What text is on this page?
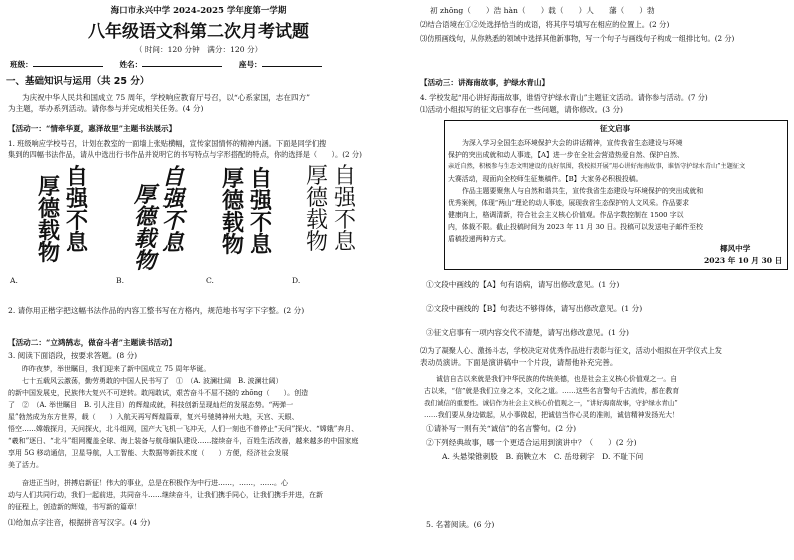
海口市永兴中学 2024-2025 学年度第一学期
八年级语文科第二次月考试题
（ 时间：120 分钟　满分：120 分）
班级：	姓名：	座号：
一、基础知识与运用（共 25 分）
为庆祝中华人民共和国成立 75 周年，学校响应教育厅号召，以“心系家国，志在四方”
为主题，举办系列活动。请你参与并完成相关任务。(4 分)
【活动一：“情牵华夏，惠泽故里”主题书法展示】
1. 班级响应学校号召，计划在教室的一面墙上张贴横幅，宣传家国情怀的精神内涵。下面是同学们搜
集到的四幅书法作品，请从中选出行书作品并说明它的书写特点与字形搭配的特点，你的选择是（　　）。(2 分)
自
强
不
息
厚
德
载
物
自
强
不
息
厚
德
载
物
自
强
不
息
厚
德
载
物
自
强
不
息
厚
德
载
物
A.	B.	C.	D.
2. 请你用正楷字把这幅书法作品的内容工整书写在方格内，规范地书写字下字整。(2 分)
【活动二：“立鸿鹄志，做奋斗者”主题读书活动】
3. 阅读下面语段，按要求答题。(8 分)
昨昨夜梦，举世瞩目，我们迎来了新中国成立 75 周年华诞。
七十五载风云激荡，勤劳勇敢的中国人民书写了　①　（A. 波澜壮阔　B. 波澜壮阔）
的新中国发展史，民族伟大复兴不可逆转。敢闯敢试，艰苦奋斗不屈不挠的 zhōng（　　）。创造
了　②　（A. 举世瞩目　B. 引人注目）的辉煌成就，科技创新呈现灿烂的发展态势。“两弹一
星”勃然成为东方世界，载（　　）入航天再写辉煌篇章，复兴号驰骋神州大地，天宫、天眼、
悟空……嫦娥探月，天问探火，北斗组网，国产大飞机一飞冲天，人们一刻也不曾停止“天问”探火、“嫦娥”奔月、
“羲和”逐日、“北斗”组网覆盖全球、海上装备与航母编队建设……接续奋斗，百姓生活改善，越来越多的中国家庭
享用 5G 移动通信，卫星导航，人工智能、大数据等新技术度（　　）方便，经济社会发展
美了活力。
奋进正当时，拼搏启新征！伟大的事业，总是在积极作为中行进……，……，……。心
动与人们共同行动，我们一起前进，共同奋斗……继续奋斗，让我们携手同心，让我们携手并进，在新
的征程上，创造新的辉煌，书写新的篇章！
⑴给加点字注音，根据拼音写汉字。(4 分)
初 zhōng（　　）浩 hàn（　　）载（　　）人　　藩（　　）勃
⑵结合语境在①②处选择恰当的成语，将其序号填写在相应的位置上。(2 分)
⑶仿照画线句，从你熟悉的领域中选择其他新事物，写一个句子与画线句子构成一组排比句。(2 分)
【活动三：讲海南故事，护绿水青山】
4. 学校发起“用心讲好海南故事，谁悟守护绿水青山”主题征文活动。请你参与活动。(7 分)
⑴活动小组拟写的征文启事存在一些问题，请你修改。(3 分)
征文启事
为深入学习全国生态环境保护大会的讲话精神，宣传我省生态建设与环境
保护的突出成就和动人事迹，【A】进一步在全社会营造热爱自然、保护自然、
亲近自然，积极参与生态文明建设的良好氛围，我校拟开展“用心讲好海南故事，谁悟守护绿水青山”主题征文
大赛活动，现面向全校师生征集稿件。【B】大家务必积极投稿。
作品主题要聚焦人与自然和谐共生，宣传我省生态建设与环境保护的突出成就和
优秀案例，体现“两山”理论的动人事迹，展现我省生态保护的人文风采。作品要求
健康向上，格调清新，符合社会主义核心价值观。作品字数控制在 1500 字以
内，体裁不限。截止投稿时间为 2023 年 11 月 30 日。投稿可以发送电子邮件至校
盾稿投递两种方式。
椰风中学
2023 年 10 月 30 日
①文段中画线的【A】句有语病，请写出修改意见。(1 分)
②文段中画线的【B】句表达不够得体，请写出修改意见。(1 分)
③征文启事有一项内容交代不清楚，请写出修改意见。(1 分)
⑵为了凝聚人心、激扬斗志，学校决定对优秀作品进行表彰与征文，活动小组拟在开学仪式上发
表动员演讲。下面是演讲稿中一个片段，请帮他补充完善。
诚信自古以来就是我们中华民族的传统美德，也是社会主义核心价值观之一。自
古以来，“信”就是我们立身之本，文化之道。……这些名言警句千古流传，都在教育
我们诚信的重要性。诚信作为社会主义核心价值观之一，“讲好海南故事，守护绿水青山”
……我们要从身边做起，从小事做起，把诚信当作心灵的准则，诚信精神发扬光大！
①请补写一则有关“诚信”的名言警句。(2 分)
②下列经典故事，哪一个更适合运用到演讲中？（　　）(2 分)
A. 头悬梁锥刺股　B. 商鞅立木　C. 岳母刺字　D. 不耻下问
5. 名著阅读。(6 分)
